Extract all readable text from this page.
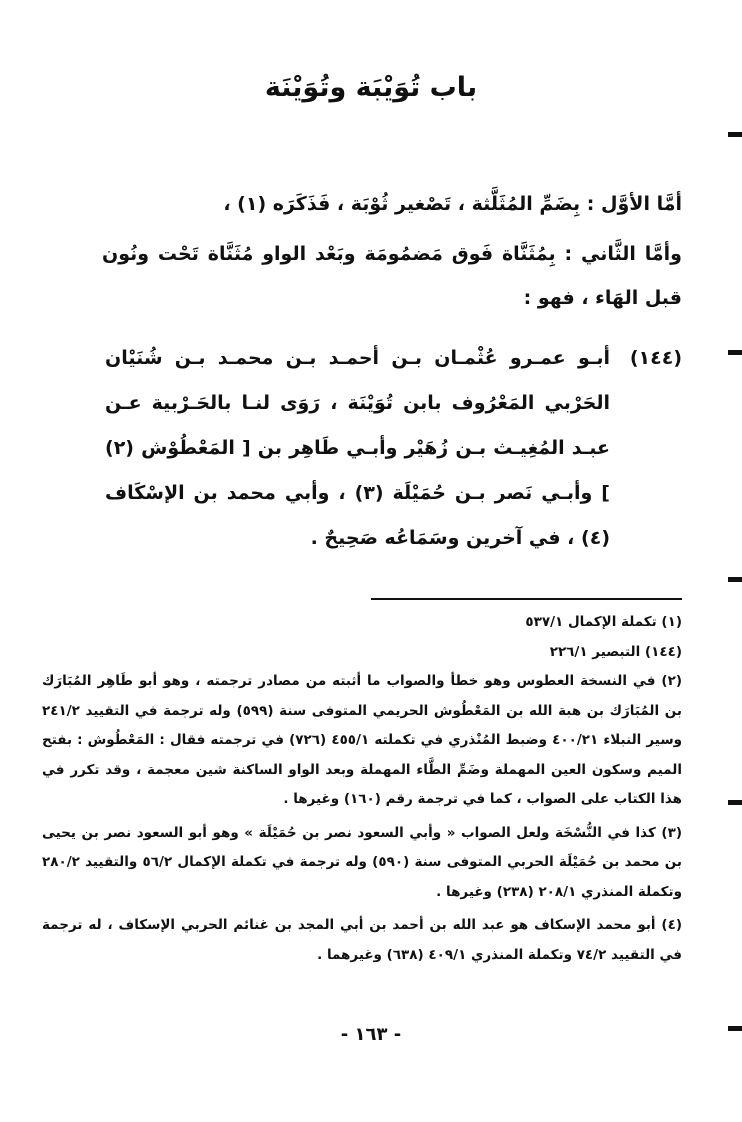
باب تُوَيْبَة وتُوَيْنَة
أمَّا الأوَّل : بِضَمِّ المُثَلَّثة ، تَصْغير ثُوْبَة ، فَذَكَرَه (١) ،
وأمَّا الثَّاني : بِمُثَنَّاة فَوق مَضمُومَة وبَعْد الواو مُثَنَّاة تَحْت ونُون قبل الهَاء ، فهو :
(١٤٤)
أبـو عمـرو عُثْمـان بـن أحمـد بـن محمـد بـن شُنَيْان الحَرْبي المَعْرُوف بابن تُوَيْنَة ، رَوَى لنـا بالحَـرْبية عـن عبـد المُغِيـث بـن زُهَيْر وأبـي طَاهِر بن [ المَعْطُوْش (٢) ] وأبـي نَصر بـن حُمَيْلَة (٣) ، وأبي محمد بن الإسْكَاف (٤) ، في آخرين وسَمَاعُه صَحِيحٌ .

(١) تكملة الإكمال ٥٣٧/١

(١٤٤) التبصير ٢٢٦/١

(٢) في النسخة العطوس وهو خطأ والصواب ما أثبته من مصادر ترجمته ، وهو أبو طَاهِر المُبَارَك بن المُبَارَك بن هبة الله بن المَعْطُوش الحريمي المتوفى سنة (٥٩٩) وله ترجمة في التقييد ٢٤١/٢ وسير النبلاء ٤٠٠/٢١ وضبط المُنْذري في تكملته ٤٥٥/١ (٧٢٦) في ترجمته فقال : المَعْطُوش : بفتح الميم وسكون العين المهملة وضَمِّ الطَّاء المهملة وبعد الواو الساكنة شين معجمة ، وقد تكرر في هذا الكتاب على الصواب ، كما في ترجمة رقم (١٦٠) وغيرها .

(٣) كذا في النُّسْخَة ولعل الصواب « وأبي السعود نصر بن حُمَيْلَة » وهو أبو السعود نصر بن يحيى بن محمد بن حُمَيْلَة الحربي المتوفى سنة (٥٩٠) وله ترجمة في تكملة الإكمال ٥٦/٢ والتقييد ٢٨٠/٢ وتكملة المنذري ٢٠٨/١ (٢٣٨) وغيرها .

(٤) أبو محمد الإسكاف هو عبد الله بن أحمد بن أبي المجد بن غنائم الحربي الإسكاف ، له ترجمة في التقييد ٧٤/٢ وتكملة المنذري ٤٠٩/١ (٦٣٨) وغيرهما .

- ١٦٣ -
